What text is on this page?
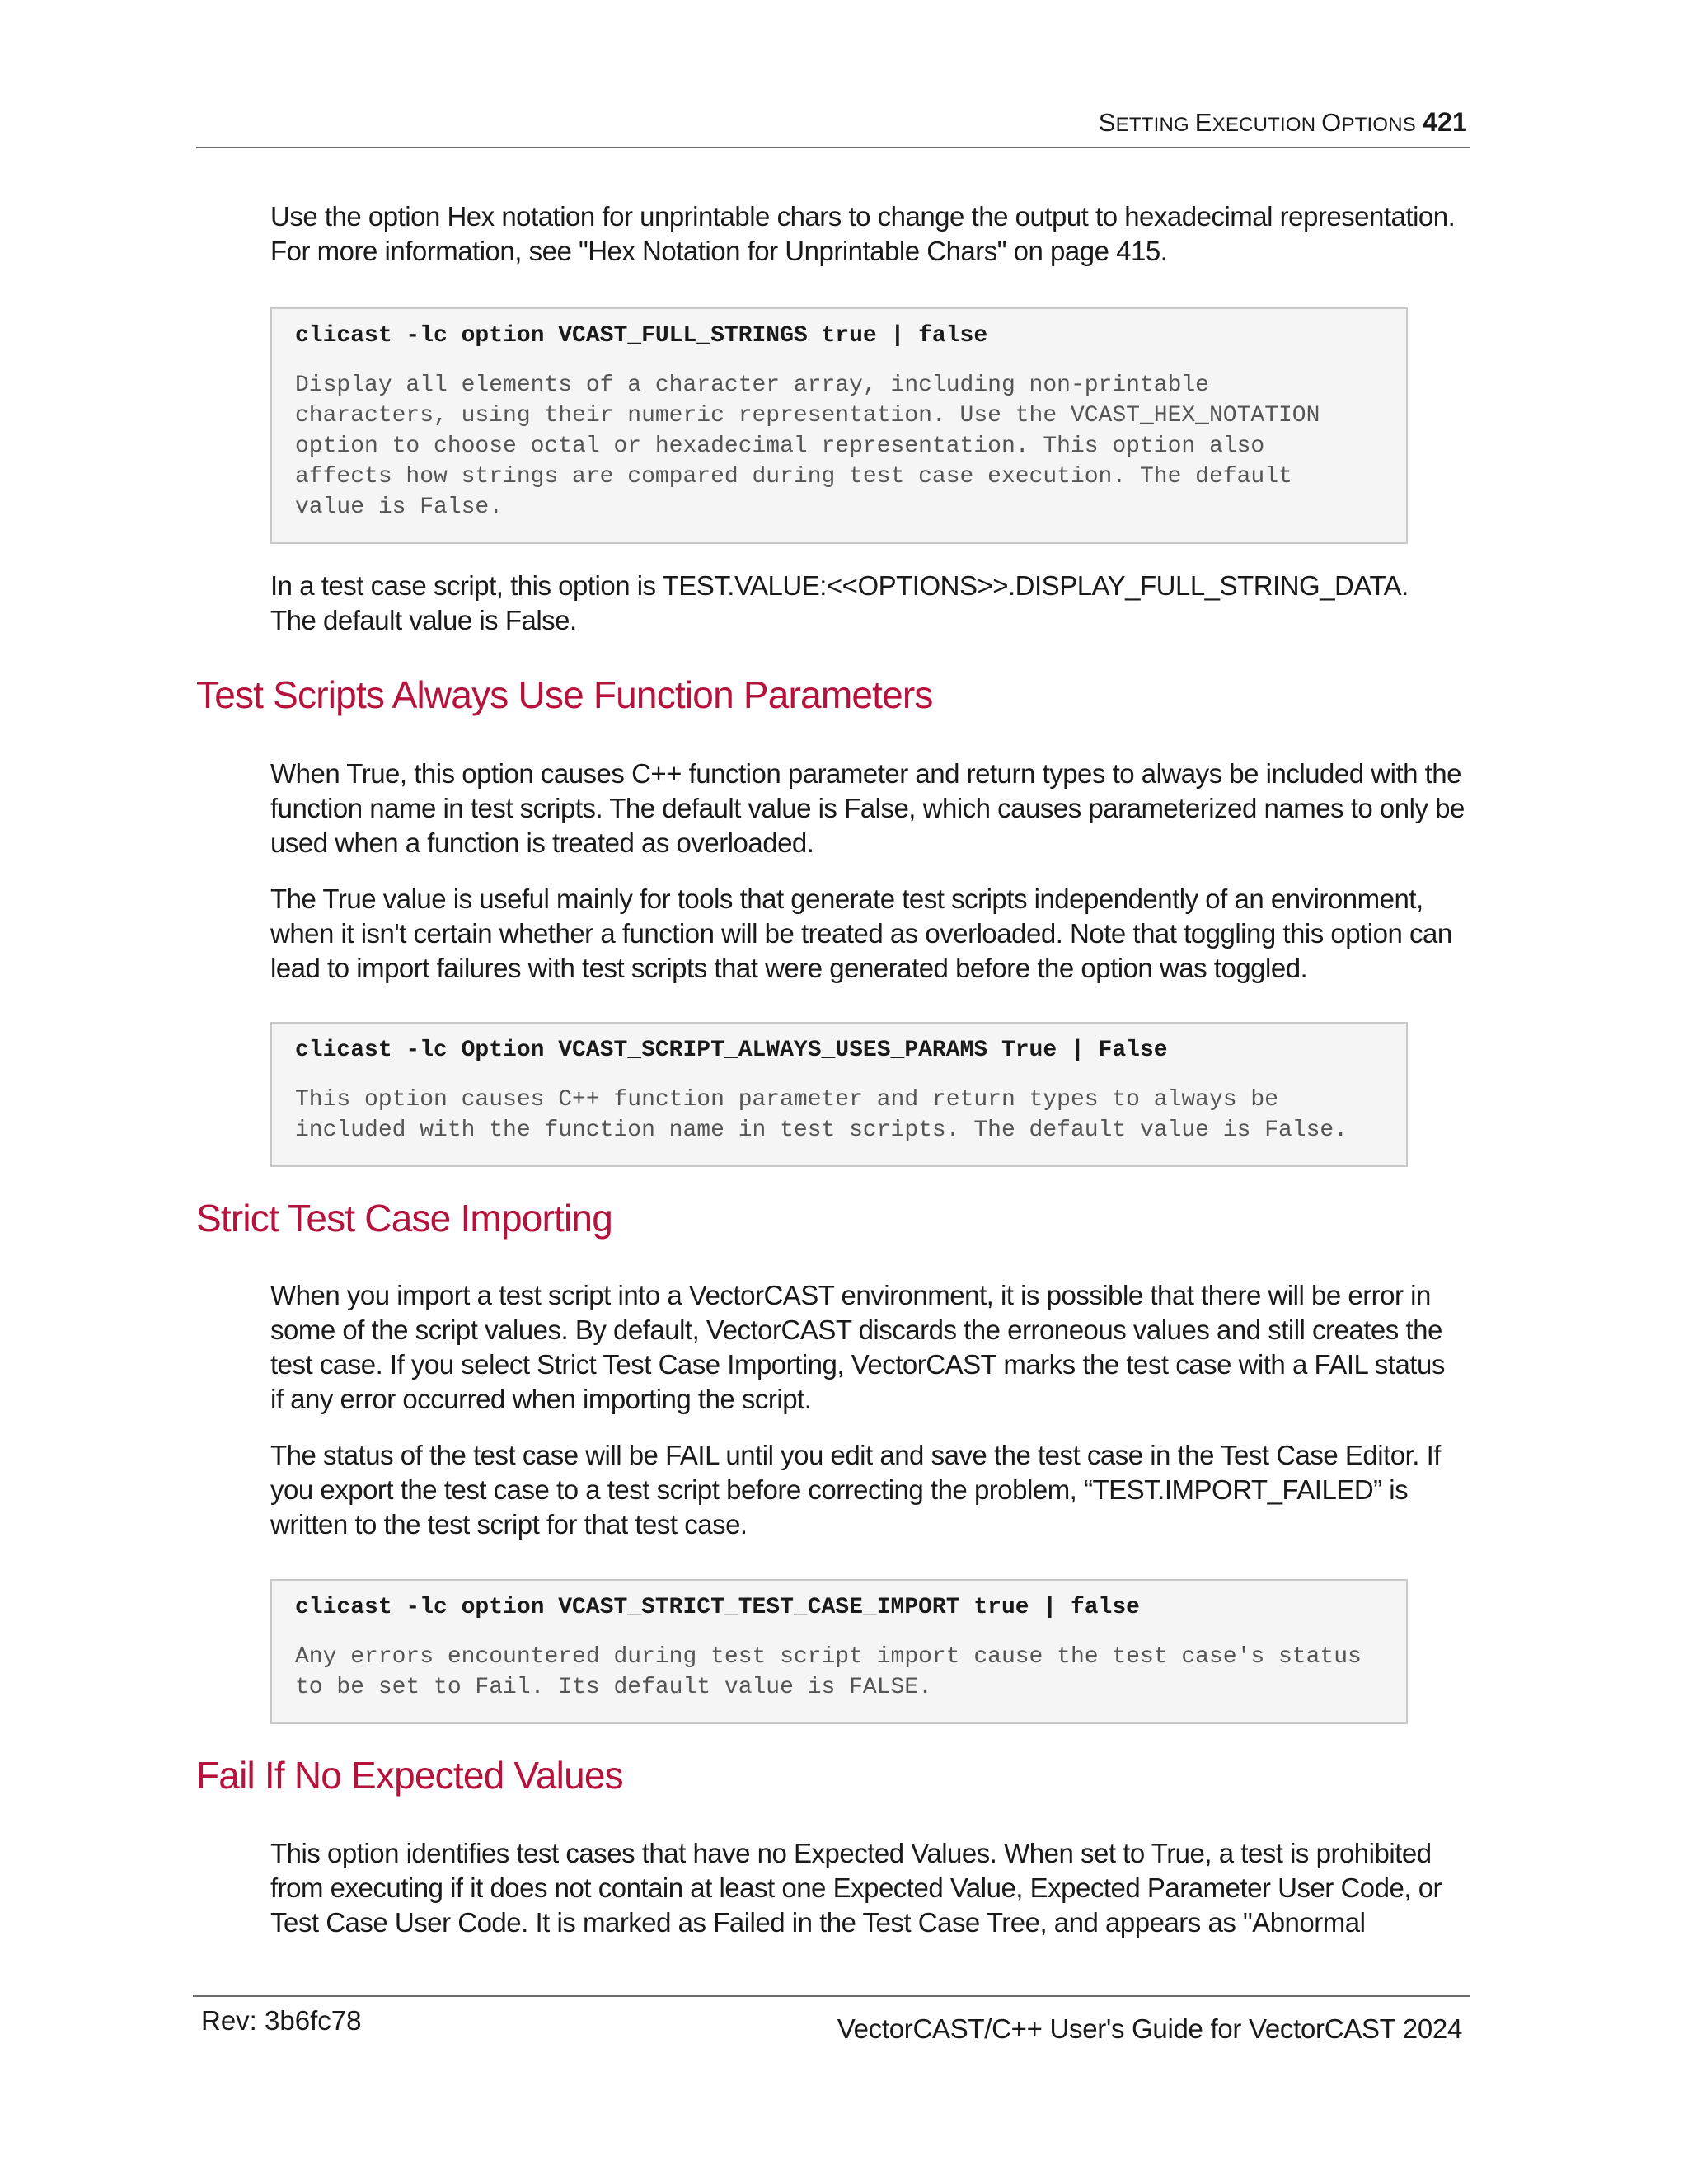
SETTING EXECUTION OPTIONS 421

Use the option Hex notation for unprintable chars to change the output to hexadecimal representation.
For more information, see "Hex Notation for Unprintable Chars" on page 415.

clicast -lc option VCAST_FULL_STRINGS true | false
Display all elements of a character array, including non-printable
characters, using their numeric representation. Use the VCAST_HEX_NOTATION
option to choose octal or hexadecimal representation. This option also
affects how strings are compared during test case execution. The default
value is False.

In a test case script, this option is TEST.VALUE:<<OPTIONS>>.DISPLAY_FULL_STRING_DATA.
The default value is False.

Test Scripts Always Use Function Parameters

When True, this option causes C++ function parameter and return types to always be included with the
function name in test scripts. The default value is False, which causes parameterized names to only be
used when a function is treated as overloaded.

The True value is useful mainly for tools that generate test scripts independently of an environment,
when it isn't certain whether a function will be treated as overloaded. Note that toggling this option can
lead to import failures with test scripts that were generated before the option was toggled.

clicast -lc Option VCAST_SCRIPT_ALWAYS_USES_PARAMS True | False
This option causes C++ function parameter and return types to always be
included with the function name in test scripts. The default value is False.
Strict Test Case Importing

When you import a test script into a VectorCAST environment, it is possible that there will be error in
some of the script values. By default, VectorCAST discards the erroneous values and still creates the
test case. If you select Strict Test Case Importing, VectorCAST marks the test case with a FAIL status
if any error occurred when importing the script.

The status of the test case will be FAIL until you edit and save the test case in the Test Case Editor. If
you export the test case to a test script before correcting the problem, “TEST.IMPORT_FAILED” is
written to the test script for that test case.

clicast -lc option VCAST_STRICT_TEST_CASE_IMPORT true | false
Any errors encountered during test script import cause the test case's status
to be set to Fail. Its default value is FALSE.
Fail If No Expected Values

This option identifies test cases that have no Expected Values. When set to True, a test is prohibited
from executing if it does not contain at least one Expected Value, Expected Parameter User Code, or
Test Case User Code. It is marked as Failed in the Test Case Tree, and appears as "Abnormal

Rev: 3b6fc78	VectorCAST/C++ User's Guide for VectorCAST 2024
